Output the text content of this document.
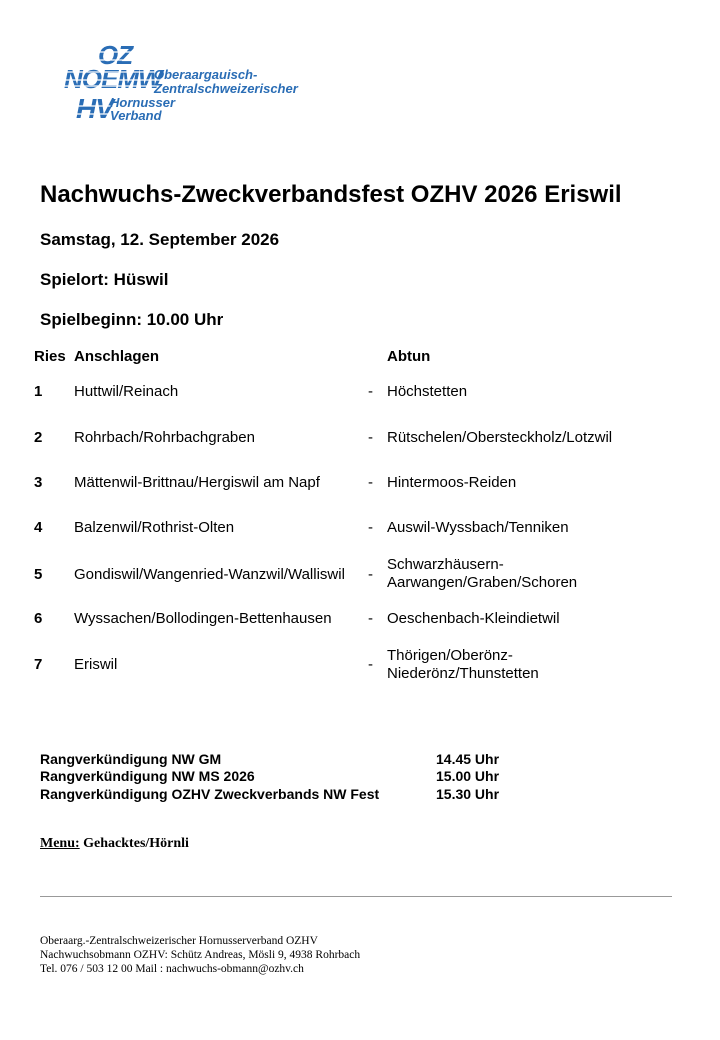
OZ
NOEMW
HV
Oberaargauisch-
Zentralschweizerischer
Hornusser
Verband
Nachwuchs-Zweckverbandsfest OZHV 2026 Eriswil
Samstag, 12. September 2026
Spielort: Hüswil
Spielbeginn: 10.00 Uhr
Ries Anschlagen	Abtun
1 Huttwil/Reinach	- Höchstetten
2 Rohrbach/Rohrbachgraben	- Rütschelen/Obersteckholz/Lotzwil
3 Mättenwil-Brittnau/Hergiswil am Napf	- Hintermoos-Reiden
4 Balzenwil/Rothrist-Olten	- Auswil-Wyssbach/Tenniken
5 Gondiswil/Wangenried-Wanzwil/Walliswil -
Schwarzhäusern-
Aarwangen/Graben/Schoren
6 Wyssachen/Bollodingen-Bettenhausen - Oeschenbach-Kleindietwil
7 Eriswil	-
Thörigen/Oberönz-
Niederönz/Thunstetten
Rangverkündigung NW GM	14.45 Uhr
Rangverkündigung NW MS 2026	15.00 Uhr
Rangverkündigung OZHV Zweckverbands NW Fest	15.30 Uhr
Menu: Gehacktes/Hörnli
Oberaarg.-Zentralschweizerischer Hornusserverband OZHV
Nachwuchsobmann OZHV: Schütz Andreas, Mösli 9, 4938 Rohrbach
Tel. 076 / 503 12 00 Mail : nachwuchs-obmann@ozhv.ch
